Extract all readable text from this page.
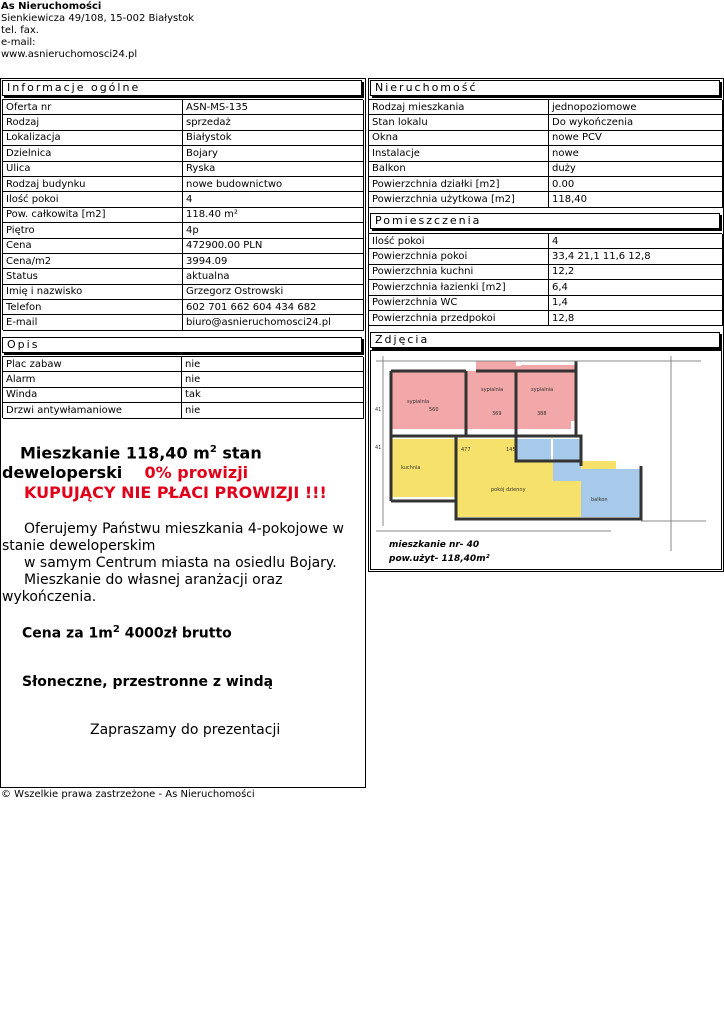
As Nieruchomości
Sienkiewicza 49/108, 15-002 Białystok
tel. fax.
e-mail:
www.asnieruchomosci24.pl
Informacje ogólne
Oferta nr	ASN-MS-135
Rodzaj	sprzedaż
Lokalizacja	Białystok
Dzielnica	Bojary
Ulica	Ryska
Rodzaj budynku	nowe budownictwo
Ilość pokoi	4
Pow. całkowita [m2]	118.40 m²
Piętro	4p
Cena	472900.00 PLN
Cena/m2	3994.09
Status	aktualna
Imię i nazwisko	Grzegorz Ostrowski
Telefon	602 701 662 604 434 682
E-mail	biuro@asnieruchomosci24.pl
Opis
Plac zabaw	nie
Alarm	nie
Winda	tak
Drzwi antywłamaniowe	nie

Mieszkanie 118,40 $m^2$ stan

deweloperski 0% prowizji

KUPUJĄCY NIE PŁACI PROWIZJI !!!

Oferujemy Państwu mieszkania 4-pokojowe w stanie deweloperskim

w samym Centrum miasta na osiedlu Bojary.

Mieszkanie do własnej aranżacji oraz wykończenia.

Cena za $1m^2$ 4000zł brutto

Słoneczne, przestronne z windą

Zapraszamy do prezentacji

Nieruchomość
Rodzaj mieszkania	jednopoziomowe
Stan lokalu	Do wykończenia
Okna	nowe PCV
Instalacje	nowe
Balkon	duży
Powierzchnia działki [m2]	0.00
Powierzchnia użytkowa [m2]	118,40
Pomieszczenia
Ilość pokoi	4
Powierzchnia pokoi	33,4 21,1 11,6 12,8
Powierzchnia kuchni	12,2
Powierzchnia łazienki [m2]	6,4
Powierzchnia WC	1,4
Powierzchnia przedpokoi	12,8
Zdjęcia
sypialnia
sypialnia	sypialnia
kuchnia
pokój dzienny
balkon
41
41
560
369	388
477	145
mieszkanie nr- 40
pow.użyt- 118,40m²
© Wszelkie prawa zastrzeżone - As Nieruchomości
